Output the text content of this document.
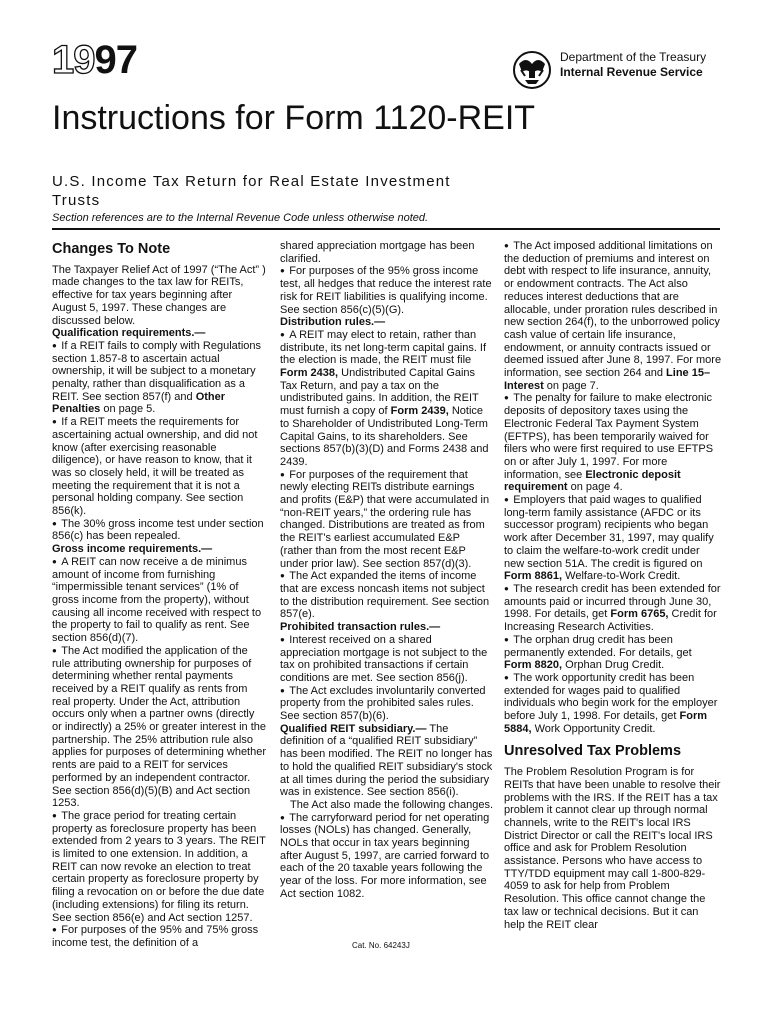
1997	Department of the Treasury
Internal Revenue Service
Instructions for Form 1120-REIT

U.S. Income Tax Return for Real Estate Investment Trusts

Section references are to the Internal Revenue Code unless otherwise noted.
Changes To Note

The Taxpayer Relief Act of 1997 (“The Act” ) made changes to the tax law for REITs, effective for tax years beginning after August 5, 1997. These changes are discussed below.

Qualification requirements.—

●  If a REIT fails to comply with Regulations section 1.857-8 to ascertain actual ownership, it will be subject to a monetary penalty, rather than disqualification as a REIT. See section 857(f) and Other Penalties on page 5.

●  If a REIT meets the requirements for ascertaining actual ownership, and did not know (after exercising reasonable diligence), or have reason to know, that it was so closely held, it will be treated as meeting the requirement that it is not a personal holding company. See section 856(k).

●  The 30% gross income test under section 856(c) has been repealed.

Gross income requirements.—

●  A REIT can now receive a de minimus amount of income from furnishing “impermissible tenant services” (1% of gross income from the property), without causing all income received with respect to the property to fail to qualify as rent. See section 856(d)(7).

●  The Act modified the application of the rule attributing ownership for purposes of determining whether rental payments received by a REIT qualify as rents from real property. Under the Act, attribution occurs only when a partner owns (directly or indirectly) a 25% or greater interest in the partnership. The 25% attribution rule also applies for purposes of determining whether rents are paid to a REIT for services performed by an independent contractor. See section 856(d)(5)(B) and Act section 1253.

●  The grace period for treating certain property as foreclosure property has been extended from 2 years to 3 years. The REIT is limited to one extension. In addition, a REIT can now revoke an election to treat certain property as foreclosure property by filing a revocation on or before the due date (including extensions) for filing its return. See section 856(e) and Act section 1257.

●  For purposes of the 95% and 75% gross income test, the definition of a

shared appreciation mortgage has been clarified.

●  For purposes of the 95% gross income test, all hedges that reduce the interest rate risk for REIT liabilities is qualifying income. See section 856(c)(5)(G).

Distribution rules.—

●  A REIT may elect to retain, rather than distribute, its net long-term capital gains. If the election is made, the REIT must file Form 2438, Undistributed Capital Gains Tax Return, and pay a tax on the undistributed gains. In addition, the REIT must furnish a copy of Form 2439, Notice to Shareholder of Undistributed Long-Term Capital Gains, to its shareholders. See sections 857(b)(3)(D) and Forms 2438 and 2439.

●  For purposes of the requirement that newly electing REITs distribute earnings and profits (E&P) that were accumulated in “non-REIT years,” the ordering rule has changed. Distributions are treated as from the REIT's earliest accumulated E&P (rather than from the most recent E&P under prior law). See section 857(d)(3).

●  The Act expanded the items of income that are excess noncash items not subject to the distribution requirement. See section 857(e).

Prohibited transaction rules.—

●  Interest received on a shared appreciation mortgage is not subject to the tax on prohibited transactions if certain conditions are met. See section 856(j).

●  The Act excludes involuntarily converted property from the prohibited sales rules. See section 857(b)(6).

Qualified REIT subsidiary.— The definition of a “qualified REIT subsidiary” has been modified. The REIT no longer has to hold the qualified REIT subsidiary's stock at all times during the period the subsidiary was in existence. See section 856(i).

The Act also made the following changes.

●  The carryforward period for net operating losses (NOLs) has changed. Generally, NOLs that occur in tax years beginning after August 5, 1997, are carried forward to each of the 20 taxable years following the year of the loss. For more information, see Act section 1082.

●  The Act imposed additional limitations on the deduction of premiums and interest on debt with respect to life insurance, annuity, or endowment contracts. The Act also reduces interest deductions that are allocable, under proration rules described in new section 264(f), to the unborrowed policy cash value of certain life insurance, endowment, or annuity contracts issued or deemed issued after June 8, 1997. For more information, see section 264 and Line 15–Interest on page 7.

●  The penalty for failure to make electronic deposits of depository taxes using the Electronic Federal Tax Payment System (EFTPS), has been temporarily waived for filers who were first required to use EFTPS on or after July 1, 1997. For more information, see Electronic deposit requirement on page 4.

●  Employers that paid wages to qualified long-term family assistance (AFDC or its successor program) recipients who began work after December 31, 1997, may qualify to claim the welfare-to-work credit under new section 51A. The credit is figured on Form 8861, Welfare-to-Work Credit.

●  The research credit has been extended for amounts paid or incurred through June 30, 1998. For details, get Form 6765, Credit for Increasing Research Activities.

●  The orphan drug credit has been permanently extended. For details, get Form 8820, Orphan Drug Credit.

●  The work opportunity credit has been extended for wages paid to qualified individuals who begin work for the employer before July 1, 1998. For details, get Form 5884, Work Opportunity Credit.

Unresolved Tax Problems

The Problem Resolution Program is for REITs that have been unable to resolve their problems with the IRS. If the REIT has a tax problem it cannot clear up through normal channels, write to the REIT's local IRS District Director or call the REIT's local IRS office and ask for Problem Resolution assistance. Persons who have access to TTY/TDD equipment may call 1-800-829-4059 to ask for help from Problem Resolution. This office cannot change the tax law or technical decisions. But it can help the REIT clear

Cat. No. 64243J
